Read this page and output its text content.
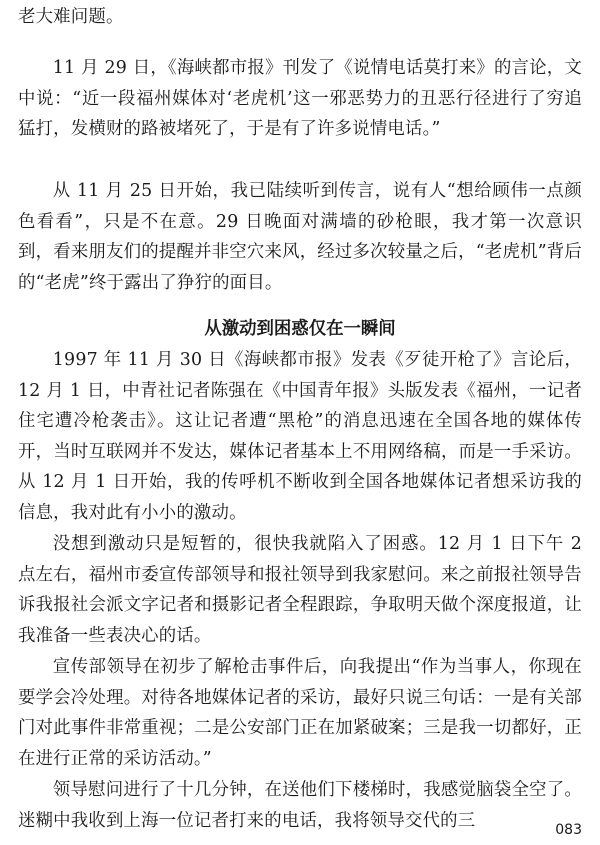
老大难问题。

11 月 29 日，《海峡都市报》刊发了《说情电话莫打来》的言论，文中说：“近一段福州媒体对‘老虎机’这一邪恶势力的丑恶行径进行了穷追猛打，发横财的路被堵死了，于是有了许多说情电话。”

从 11 月 25 日开始，我已陆续听到传言，说有人“想给顾伟一点颜色看看”，只是不在意。29 日晚面对满墙的砂枪眼，我才第一次意识到，看来朋友们的提醒并非空穴来风，经过多次较量之后，“老虎机”背后的“老虎”终于露出了狰狞的面目。

从激动到困惑仅在一瞬间

1997 年 11 月 30 日《海峡都市报》发表《歹徒开枪了》言论后，12 月 1 日，中青社记者陈强在《中国青年报》头版发表《福州，一记者住宅遭冷枪袭击》。这让记者遭“黑枪”的消息迅速在全国各地的媒体传开，当时互联网并不发达，媒体记者基本上不用网络稿，而是一手采访。从 12 月 1 日开始，我的传呼机不断收到全国各地媒体记者想采访我的信息，我对此有小小的激动。

没想到激动只是短暂的，很快我就陷入了困惑。12 月 1 日下午 2 点左右，福州市委宣传部领导和报社领导到我家慰问。来之前报社领导告诉我报社会派文字记者和摄影记者全程跟踪，争取明天做个深度报道，让我准备一些表决心的话。

宣传部领导在初步了解枪击事件后，向我提出“作为当事人，你现在要学会冷处理。对待各地媒体记者的采访，最好只说三句话：一是有关部门对此事件非常重视；二是公安部门正在加紧破案；三是我一切都好，正在进行正常的采访活动。”

领导慰问进行了十几分钟，在送他们下楼梯时，我感觉脑袋全空了。迷糊中我收到上海一位记者打来的电话，我将领导交代的三	083
